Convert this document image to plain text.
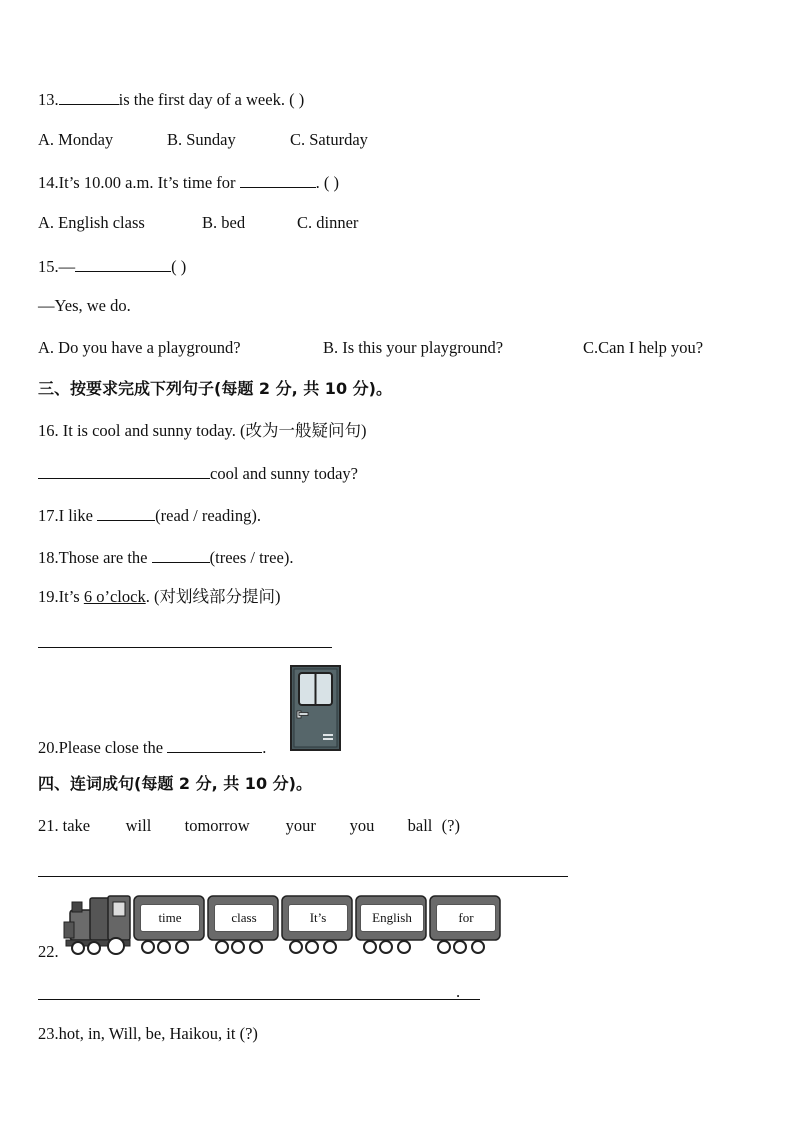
13.	is the first day of a week. ( )
A. Monday	B. Sunday	C. Saturday
14.It’s 10.00 a.m. It’s time for	. ( )
A. English class	B. bed	C. dinner
15.—	( )
—Yes, we do.
A. Do you have a playground?	B. Is this your playground?	C.Can I help you?
三、按要求完成下列句子(每题 2 分, 共 10 分)。
16. It is cool and sunny today. (改为一般疑问句)
cool and sunny today?
17.I like	(read / reading).
18.Those are the	(trees / tree).
19.It’s 6 o’clock. (对划线部分提问)
20.Please close the	.
四、连词成句(每题 2 分, 共 10 分)。
21. take will tomorrow your you ball (?)
22.
time	class	It’s	English	for
.
23.hot, in, Will, be, Haikou, it (?)
